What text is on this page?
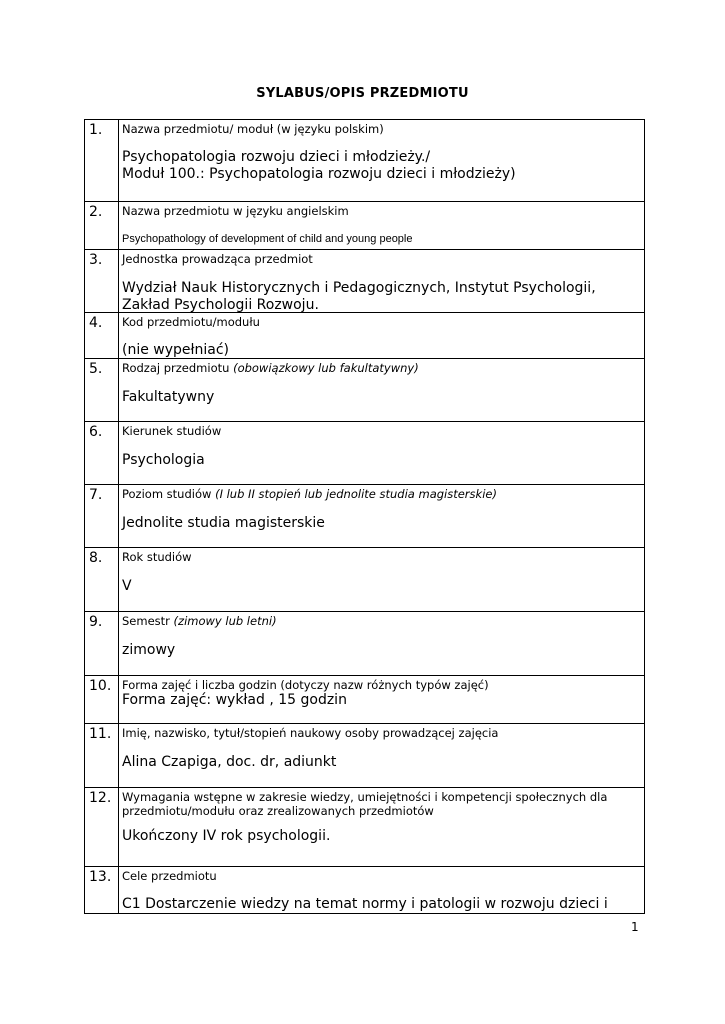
SYLABUS/OPIS PRZEDMIOTU
1. Nazwa przedmiotu/ moduł (w języku polskim)
Psychopatologia rozwoju dzieci i młodzieży./
Moduł 100.: Psychopatologia rozwoju dzieci i młodzieży)
2. Nazwa przedmiotu w języku angielskim
Psychopathology of development of child and young people
3. Jednostka prowadząca przedmiot
Wydział Nauk Historycznych i Pedagogicznych, Instytut Psychologii,
Zakład Psychologii Rozwoju.
4. Kod przedmiotu/modułu
(nie wypełniać)
5. Rodzaj przedmiotu (obowiązkowy lub fakultatywny)
Fakultatywny
6. Kierunek studiów
Psychologia
7. Poziom studiów (I lub II stopień lub jednolite studia magisterskie)
Jednolite studia magisterskie
8. Rok studiów
V
9. Semestr (zimowy lub letni)
zimowy
10. Forma zajęć i liczba godzin (dotyczy nazw różnych typów zajęć)
Forma zajęć: wykład , 15 godzin
11. Imię, nazwisko, tytuł/stopień naukowy osoby prowadzącej zajęcia
Alina Czapiga, doc. dr, adiunkt
12. Wymagania wstępne w zakresie wiedzy, umiejętności i kompetencji społecznych dla
przedmiotu/modułu oraz zrealizowanych przedmiotów
Ukończony IV rok psychologii.
13. Cele przedmiotu
C1 Dostarczenie wiedzy na temat normy i patologii w rozwoju dzieci i
1
